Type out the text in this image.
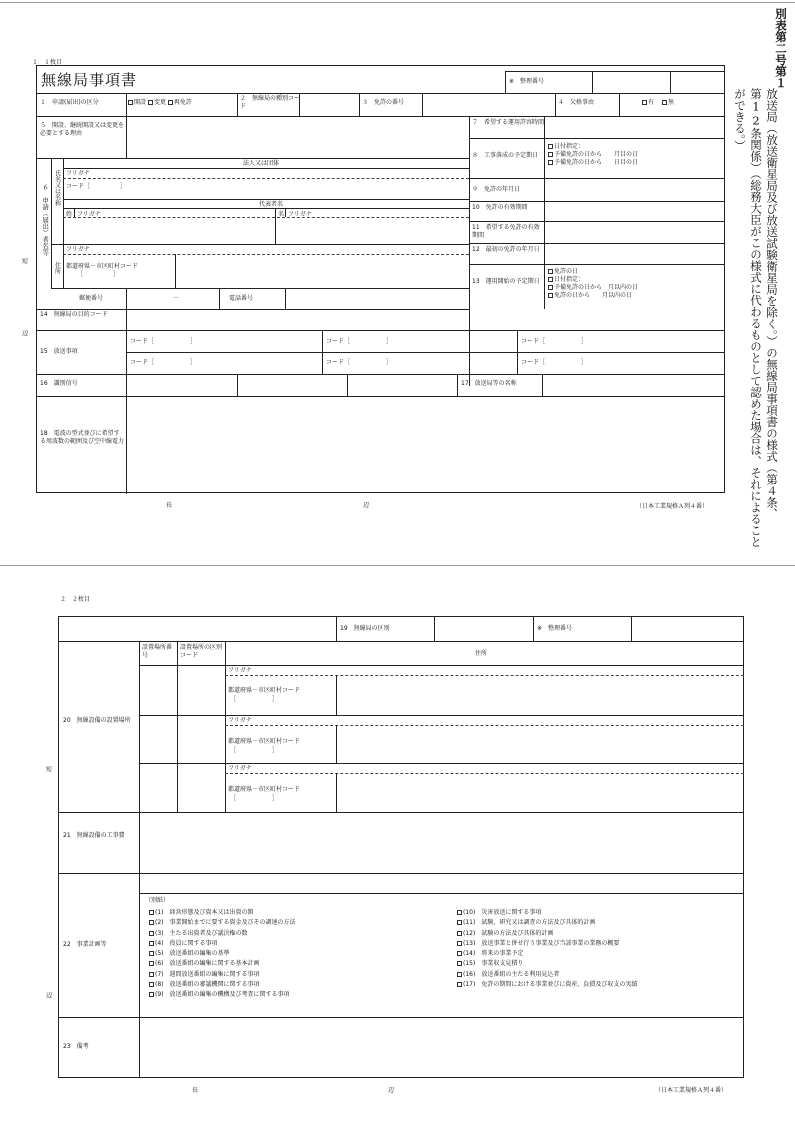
別表第二号第１
放送局（放送衛星局及び放送試験衛星局を除く。）の無線局事項書の様式（第４条、
第12条関係）（総務大臣がこの様式に代わるものとして認めた場合は、それによること
ができる。）
１　１枚目
短
辺
無線局事項書	※　整理番号
１　申請(届出)の区分	開設 変更 再免許
２　無線局の種別コード	３　免許の番号	４　欠格事由	有　 無
５　開設、継続開設又は変更を必要とする理由
６　申請（届出）者名等 氏名又は名称
住所
法人又は団体
フリガナ
コード［　　　　　］
代表者名
姓 フリガナ	名 フリガナ
フリガナ
都道府県－市区町村コード
［　　　　　］
郵便番号	－	電話番号
７　希望する運用許容時間
８　工事落成の予定期日
日付指定：
予備免許の日から　　月目の日
予備免許の日から　　日目の日
９　免許の年月日
10　免許の有効期間
11　希望する免許の有効期間
12　最初の免許の年月日
13　運用開始の予定期日
免許の日
日付指定：
予備免許の日から　月以内の日
免許の日から　　月以内の日
14　無線局の目的コード
15　放送事項
コード［　　　　　　］	コード［　　　　　　］	コード［　　　　　　］
コード［　　　　　　］	コード［　　　　　　］	コード［　　　　　　］
16　識別信号	17　放送局等の名称
18　電波の型式並びに希望する周波数の範囲及び空中線電力
長	辺	（日本工業規格Ａ列４番）
２　２枚目
短
辺
19　無線局の区別	※　整理番号
設置場所番号
設置場所の区別コード	住所
20　無線設備の設置場所
フリガナ
都道府県－市区町村コード
［　　　　　　］
フリガナ
都道府県－市区町村コード
［　　　　　　］
フリガナ
都道府県－市区町村コード
［　　　　　　］
21　無線設備の工事費
22　事業計画等
（別紙）
(1)　経営形態及び資本又は出資の額
(2)　事業開始までに要する資金及びその調達の方法
(3)　主たる出資者及び議決権の数
(4)　役員に関する事項
(5)　放送番組の編集の基準
(6)　放送番組の編集に関する基本計画
(7)　週間放送番組の編集に関する事項
(8)　放送番組の審議機関に関する事項
(9)　放送番組の編集の機構及び考査に関する事項
(10)　災害放送に関する事項
(11)　試験、研究又は調査の方法及び具体的計画
(12)　試験の方法及び具体的計画
(13)　放送事業と併せ行う事業及び当該事業の業務の概要
(14)　将来の事業予定
(15)　事業収支見積り
(16)　放送番組の主たる利用見込者
(17)　免許の期間における事業並びに資産、負債及び収支の実績
23　備考
長	辺	（日本工業規格Ａ列４番）
